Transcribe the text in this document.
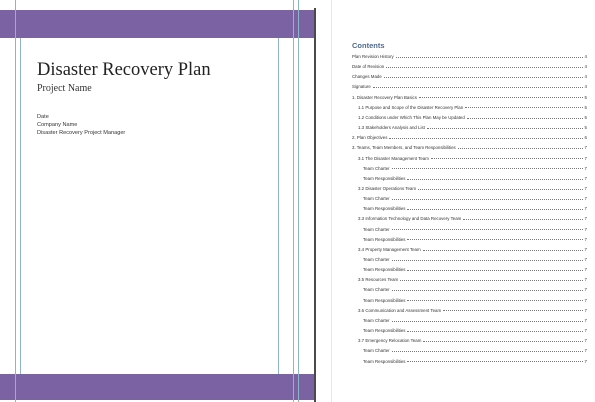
Disaster Recovery Plan
Project Name
Date
Company Name
Disaster Recovery Project Manager
Contents
Plan Revision History	4
Date of Revision	4
Changes Made	4
Signature	4
1. Disaster Recovery Plan Basics	5
1.1 Purpose and Scope of the Disaster Recovery Plan	5
1.2 Conditions under Which This Plan May be Updated	5
1.3 Stakeholders Analysis and List	5
2. Plan Objectives	6
3. Teams, Team Members, and Team Responsibilities	7
3.1 The Disaster Management Team	7
Team Charter	7
Team Responsibilities	7
3.2 Disaster Operations Team	7
Team Charter	7
Team Responsibilities	7
3.3 Information Technology and Data Recovery Team	7
Team Charter	7
Team Responsibilities	7
3.4 Property Management Team	7
Team Charter	7
Team Responsibilities	7
3.5 Resources Team	7
Team Charter	7
Team Responsibilities	7
3.6 Communication and Assessment Team	7
Team Charter	7
Team Responsibilities	7
3.7 Emergency Relocation Team	7
Team Charter	7
Team Responsibilities	7
